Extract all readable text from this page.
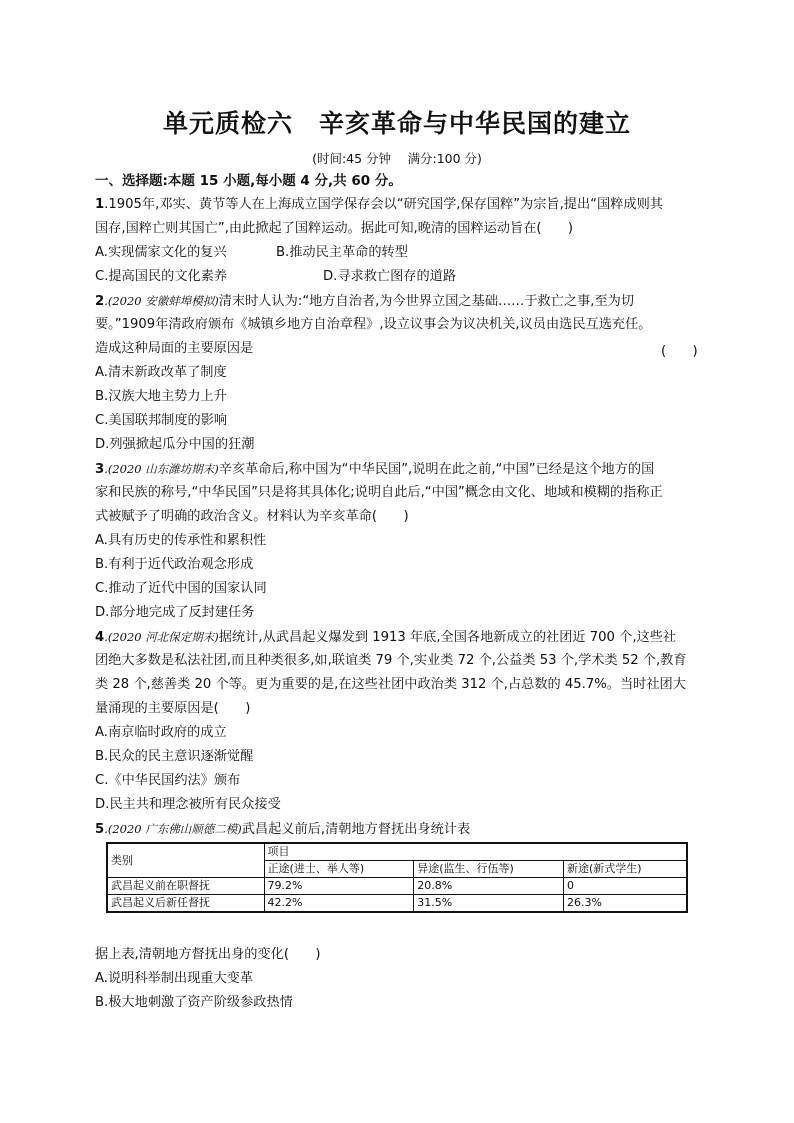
单元质检六　辛亥革命与中华民国的建立
(时间:45 分钟　 满分:100 分)
一、选择题:本题 15 小题,每小题 4 分,共 60 分。
1.1905年,邓实、黄节等人在上海成立国学保存会以“研究国学,保存国粹”为宗旨,提出“国粹成则其
国存,国粹亡则其国亡”,由此掀起了国粹运动。据此可知,晚清的国粹运动旨在(　　)
A.实现儒家文化的复兴	B.推动民主革命的转型
C.提高国民的文化素养	D.寻求救亡图存的道路
2.(2020 安徽蚌埠模拟)清末时人认为:“地方自治者,为今世界立国之基础……于救亡之事,至为切
要。”1909年清政府颁布《城镇乡地方自治章程》,设立议事会为议决机关,议员由选民互选充任。
造成这种局面的主要原因是	(　　)
A.清末新政改革了制度
B.汉族大地主势力上升
C.美国联邦制度的影响
D.列强掀起瓜分中国的狂潮
3.(2020 山东潍坊期末)辛亥革命后,称中国为“中华民国”,说明在此之前,“中国”已经是这个地方的国
家和民族的称号,“中华民国”只是将其具体化;说明自此后,“中国”概念由文化、地域和模糊的指称正
式被赋予了明确的政治含义。材料认为辛亥革命(　　)
A.具有历史的传承性和累积性
B.有利于近代政治观念形成
C.推动了近代中国的国家认同
D.部分地完成了反封建任务
4.(2020 河北保定期末)据统计,从武昌起义爆发到 1913 年底,全国各地新成立的社团近 700 个,这些社
团绝大多数是私法社团,而且种类很多,如,联谊类 79 个,实业类 72 个,公益类 53 个,学术类 52 个,教育
类 28 个,慈善类 20 个等。更为重要的是,在这些社团中政治类 312 个,占总数的 45.7%。当时社团大
量涌现的主要原因是(　　)
A.南京临时政府的成立
B.民众的民主意识逐渐觉醒
C.《中华民国约法》颁布
D.民主共和理念被所有民众接受
5.(2020 广东佛山顺德二模)武昌起义前后,清朝地方督抚出身统计表
类别	项目		
	正途(进士、举人等)	异途(监生、行伍等)	新途(新式学生)
武昌起义前在职督抚	79.2%	20.8%	0
武昌起义后新任督抚	42.2%	31.5%	26.3%
据上表,清朝地方督抚出身的变化(　　)
A.说明科举制出现重大变革
B.极大地刺激了资产阶级参政热情
